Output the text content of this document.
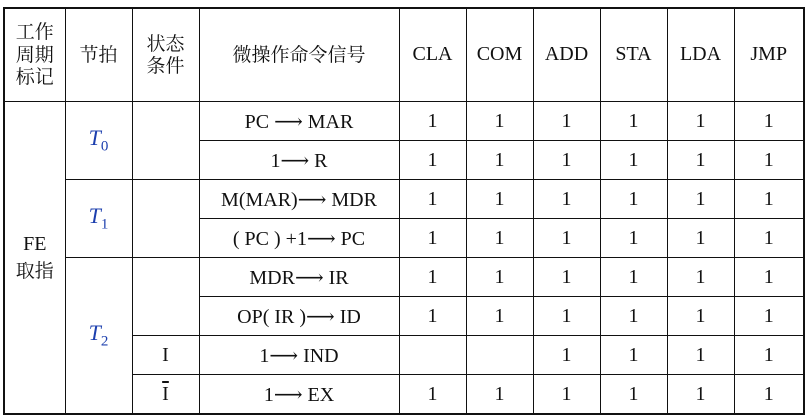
工作
周期
标记	节拍	状态
条件	微操作命令信号	CLA	COM	ADD	STA	LDA	JMP

FE
取指	$T_0$		PC ⟶ MAR	1	1	1	1	1	1
			1⟶ R	1	1	1	1	1	1
	$T_1$		M(MAR)⟶ MDR	1	1	1	1	1	1
			( PC ) +1⟶ PC	1	1	1	1	1	1
	$T_2$		MDR⟶ IR	1	1	1	1	1	1
			OP( IR )⟶ ID	1	1	1	1	1	1
		I	1⟶ IND			1	1	1	1
		$\overline{I}$	1⟶ EX	1	1	1	1	1	1
